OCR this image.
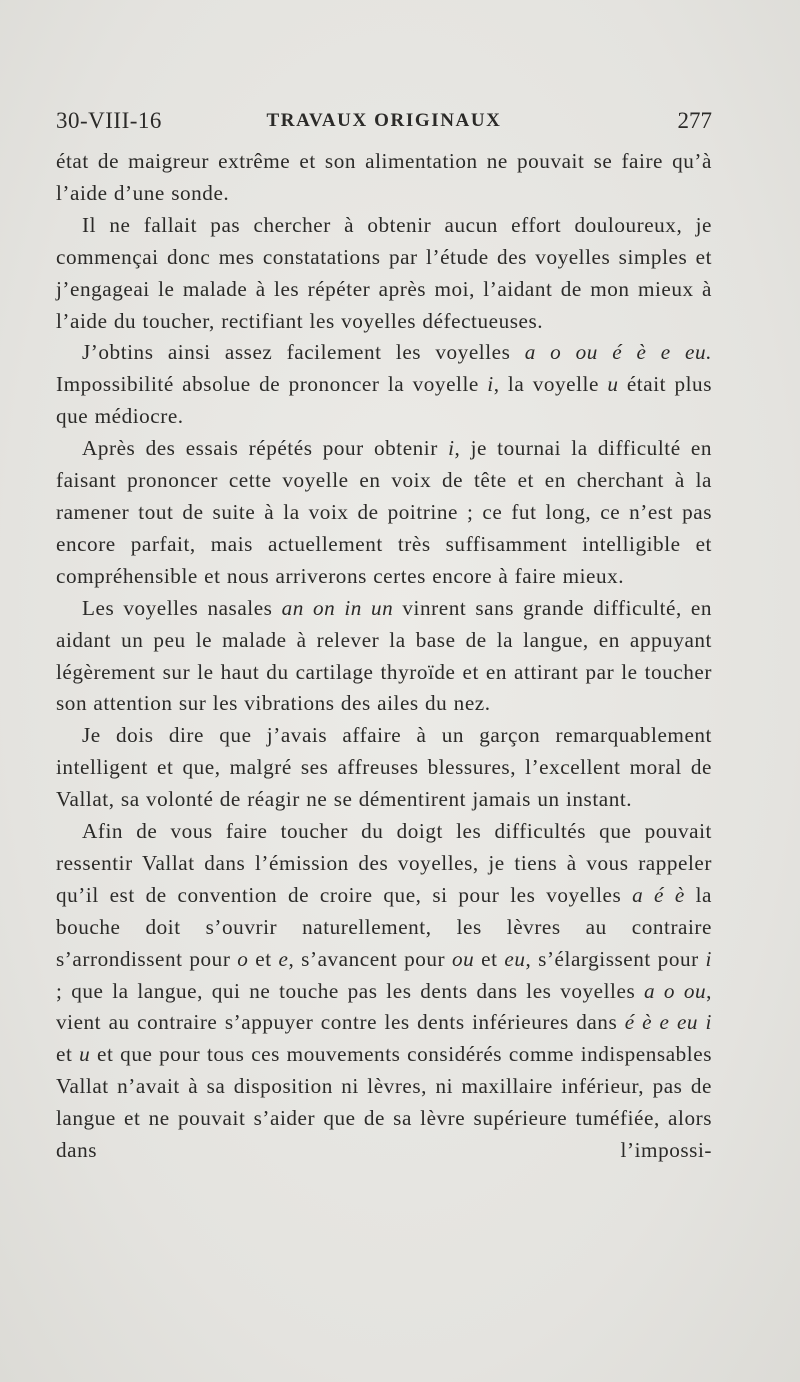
30-VIII-16	TRAVAUX ORIGINAUX	277

état de maigreur extrême et son alimentation ne pouvait se faire qu’à l’aide d’une sonde.

Il ne fallait pas chercher à obtenir aucun effort douloureux, je commençai donc mes constatations par l’étude des voyelles simples et j’engageai le malade à les répéter après moi, l’aidant de mon mieux à l’aide du toucher, rectifiant les voyelles défectueuses.

J’obtins ainsi assez facilement les voyelles a o ou é è e eu. Impossibilité absolue de prononcer la voyelle i, la voyelle u était plus que médiocre.

Après des essais répétés pour obtenir i, je tournai la difficulté en faisant prononcer cette voyelle en voix de tête et en cherchant à la ramener tout de suite à la voix de poitrine ; ce fut long, ce n’est pas encore parfait, mais actuellement très suffisamment intelligible et compréhensible et nous arriverons certes encore à faire mieux.

Les voyelles nasales an on in un vinrent sans grande difficulté, en aidant un peu le malade à relever la base de la langue, en appuyant légèrement sur le haut du cartilage thyroïde et en attirant par le toucher son attention sur les vibrations des ailes du nez.

Je dois dire que j’avais affaire à un garçon remarquablement intelligent et que, malgré ses affreuses blessures, l’excellent moral de Vallat, sa volonté de réagir ne se démentirent jamais un instant.

Afin de vous faire toucher du doigt les difficultés que pouvait ressentir Vallat dans l’émission des voyelles, je tiens à vous rappeler qu’il est de convention de croire que, si pour les voyelles a é è la bouche doit s’ouvrir naturellement, les lèvres au contraire s’arrondissent pour o et e, s’avancent pour ou et eu, s’élargissent pour i ; que la langue, qui ne touche pas les dents dans les voyelles a o ou, vient au contraire s’appuyer contre les dents inférieures dans é è e eu i et u et que pour tous ces mouvements considérés comme indispensables Vallat n’avait à sa disposition ni lèvres, ni maxillaire inférieur, pas de langue et ne pouvait s’aider que de sa lèvre supérieure tuméfiée, alors dans l’impossi-
